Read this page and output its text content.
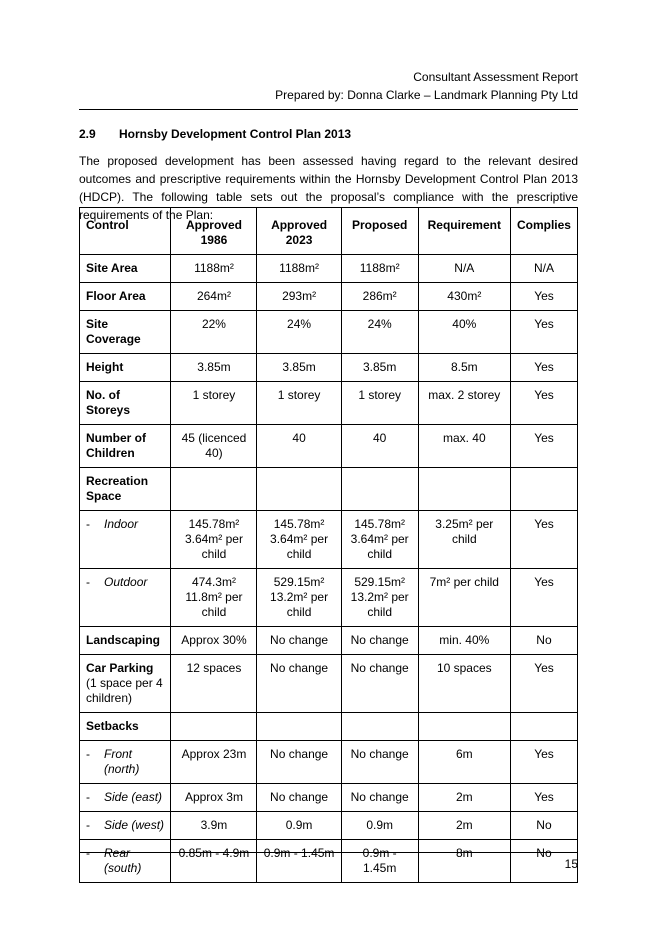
Consultant Assessment Report
Prepared by: Donna Clarke – Landmark Planning Pty Ltd
2.9 Hornsby Development Control Plan 2013

The proposed development has been assessed having regard to the relevant desired outcomes and prescriptive requirements within the Hornsby Development Control Plan 2013 (HDCP). The following table sets out the proposal’s compliance with the prescriptive requirements of the Plan:

Control	Approved 1986	Approved 2023	Proposed	Requirement	Complies

Site Area	1188m²	1188m²	1188m²	N/A	N/A

Floor Area	264m²	293m²	286m²	430m²	Yes

Site Coverage	22%	24%	24%	40%	Yes

Height	3.85m	3.85m	3.85m	8.5m	Yes

No. of Storeys	1 storey	1 storey	1 storey	max. 2 storey	Yes

Number of Children	45 (licenced 40)	40	40	max. 40	Yes

Recreation Space					

- Indoor	145.78m² 3.64m² per child	145.78m² 3.64m² per child	145.78m² 3.64m² per child	3.25m² per child	Yes

- Outdoor	474.3m² 11.8m² per child	529.15m² 13.2m² per child	529.15m² 13.2m² per child	7m² per child	Yes

Landscaping	Approx 30%	No change	No change	min. 40%	No

Car Parking
(1 space per 4 children)	12 spaces	No change	No change	10 spaces	Yes

Setbacks					

- Front (north)	Approx 23m	No change	No change	6m	Yes

- Side (east)	Approx 3m	No change	No change	2m	Yes

- Side (west)	3.9m	0.9m	0.9m	2m	No

- Rear (south)	0.85m - 4.9m	0.9m - 1.45m	0.9m - 1.45m	8m	No
15
